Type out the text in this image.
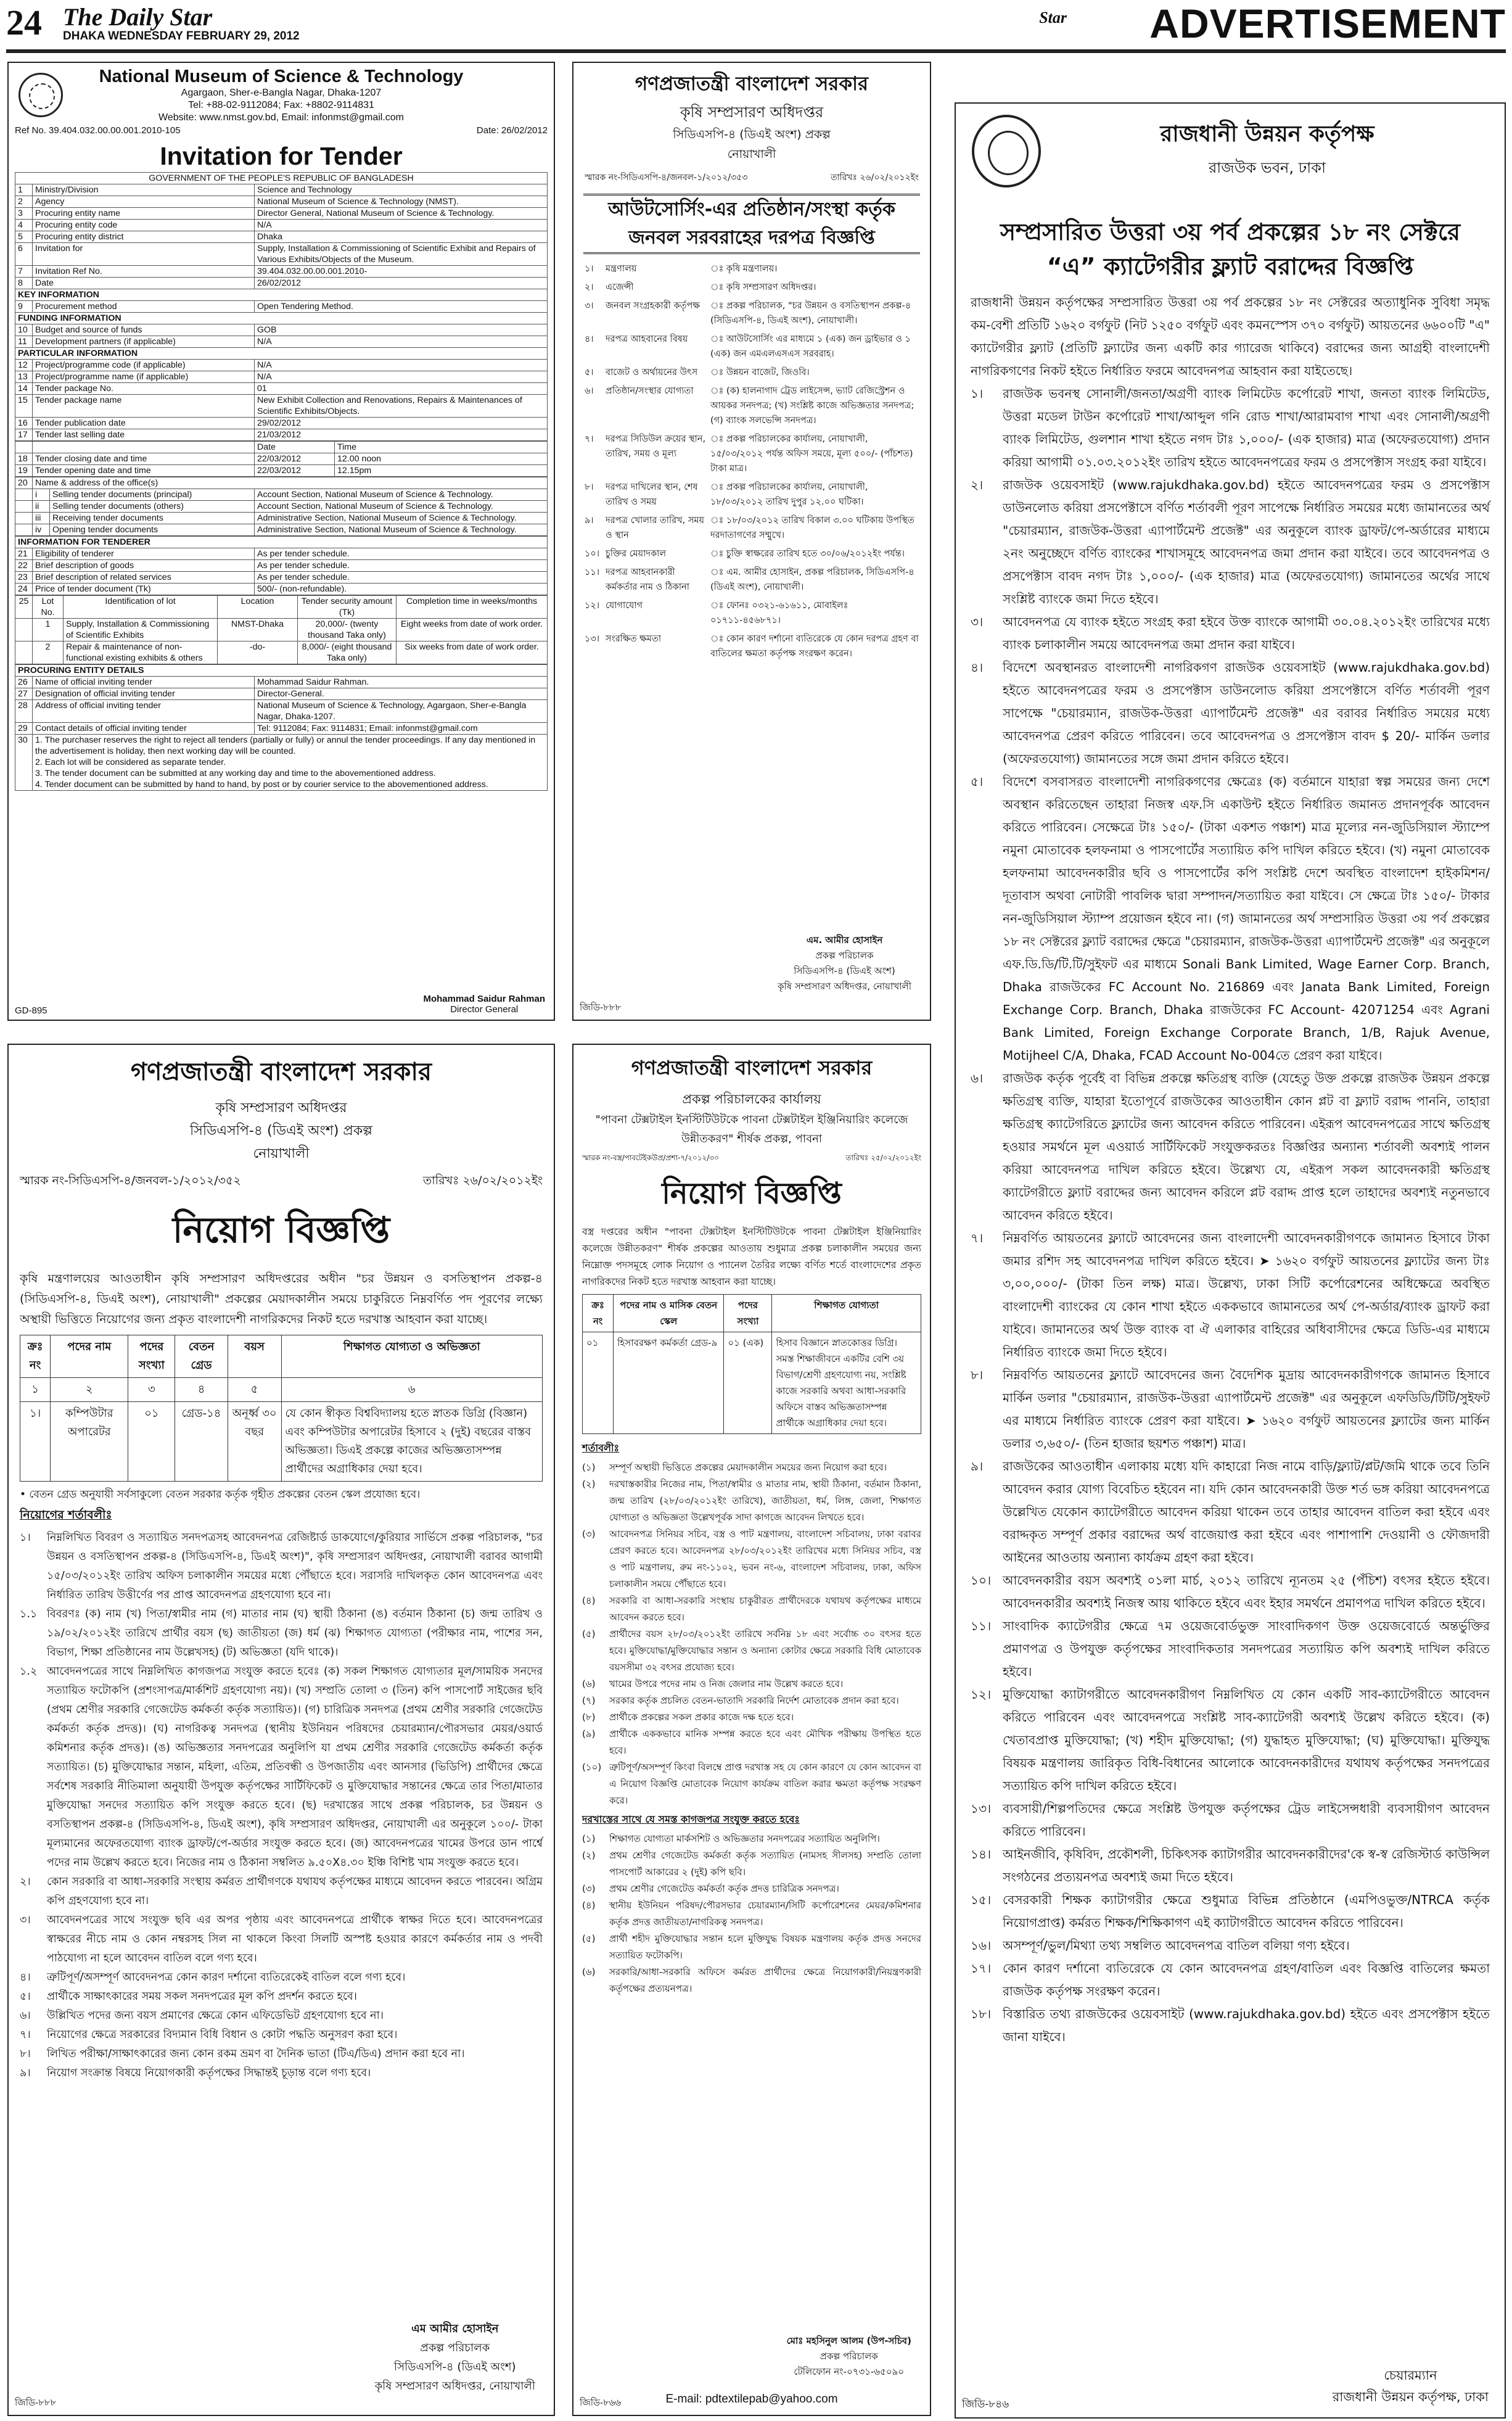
24 The Daily Star
DHAKA WEDNESDAY FEBRUARY 29, 2012
Star ADVERTISEMENT
National Museum of Science & Technology
Agargaon, Sher-e-Bangla Nagar, Dhaka-1207
Tel: +88-02-9112084; Fax: +8802-9114831
Website: www.nmst.gov.bd, Email: infonmst@gmail.com
Ref No. 39.404.032.00.00.001.2010-105	Date: 26/02/2012
Invitation for Tender
GOVERNMENT OF THE PEOPLE'S REPUBLIC OF BANGLADESH		
1	Ministry/Division	Science and Technology
2	Agency	National Museum of Science & Technology (NMST).
3	Procuring entity name	Director General, National Museum of Science & Technology.
4	Procuring entity code	N/A
5	Procuring entity district	Dhaka
6	Invitation for	Supply, Installation & Commissioning of Scientific Exhibit and Repairs of Various Exhibits/Objects of the Museum.
7	Invitation Ref No.	39.404.032.00.00.001.2010-
8	Date	26/02/2012
KEY INFORMATION		
9	Procurement method	Open Tendering Method.
FUNDING INFORMATION		
10	Budget and source of funds	GOB
11	Development partners (if applicable)	N/A
PARTICULAR INFORMATION		
12	Project/programme code (if applicable)	N/A
13	Project/programme name (if applicable)	N/A
14	Tender package No.	01
15	Tender package name	New Exhibit Collection and Renovations, Repairs & Maintenances of Scientific Exhibits/Objects.
16	Tender publication date	29/02/2012
17	Tender last selling date	21/03/2012
		Date	Time
18	Tender closing date and time	22/03/2012	12.00 noon
19	Tender opening date and time	22/03/2012	12.15pm
20	Name & address of the office(s)		
	i	Selling tender documents (principal)	Account Section, National Museum of Science & Technology.
	ii	Selling tender documents (others)	Account Section, National Museum of Science & Technology.
	iii	Receiving tender documents	Administrative Section, National Museum of Science & Technology.
	iv	Opening tender documents	Administrative Section, National Museum of Science & Technology.
INFORMATION FOR TENDERER		
21	Eligibility of tenderer	As per tender schedule.
22	Brief description of goods	As per tender schedule.
23	Brief description of related services	As per tender schedule.
24	Price of tender document (Tk)	500/- (non-refundable).
25	Lot No.	Identification of lot	Location	Tender security amount (Tk)	Completion time in weeks/months
	1	Supply, Installation & Commissioning of Scientific Exhibits	NMST-Dhaka	20,000/- (twenty thousand Taka only)	Eight weeks from date of work order.
	2	Repair & maintenance of non-functional existing exhibits & others	-do-	8,000/- (eight thousand Taka only)	Six weeks from date of work order.
PROCURING ENTITY DETAILS		
26	Name of official inviting tender	Mohammad Saidur Rahman.
27	Designation of official inviting tender	Director-General.
28	Address of official inviting tender	National Museum of Science & Technology, Agargaon, Sher-e-Bangla Nagar, Dhaka-1207.
29	Contact details of official inviting tender	Tel: 9112084; Fax: 9114831; Email: infonmst@gmail.com
30	1. The purchaser reserves the right to reject all tenders (partially or fully) or annul the tender proceedings. If any day mentioned in the advertisement is holiday, then next working day will be counted.
2. Each lot will be considered as separate tender.
3. The tender document can be submitted at any working day and time to the abovementioned address.
4. Tender document can be submitted by hand to hand, by post or by courier service to the abovementioned address.	
Mohammad Saidur Rahman
Director General
GD-895
গণপ্রজাতন্ত্রী বাংলাদেশ সরকার
কৃষি সম্প্রসারণ অধিদপ্তর
সিডিএসপি-৪ (ডিএই অংশ) প্রকল্প
নোয়াখালী
স্মারক নং-সিডিএসপি-৪/জনবল-১/২০১২/৩৫৩	তারিখঃ ২৬/০২/২০১২ইং
আউটসোর্সিং-এর প্রতিষ্ঠান/সংস্থা কর্তৃক জনবল সরবরাহের দরপত্র বিজ্ঞপ্তি
১।	মন্ত্রণালয়	ঃ কৃষি মন্ত্রণালয়।
২।	এজেন্সী	ঃ কৃষি সম্প্রসারণ অধিদপ্তর।
৩।	জনবল সংগ্রহকারী কর্তৃপক্ষ	ঃ প্রকল্প পরিচালক, "চর উন্নয়ন ও বসতিস্থাপন প্রকল্প-৪ (সিডিএসপি-৪, ডিএই অংশ), নোয়াখালী।
৪।	দরপত্র আহবানের বিষয়	ঃ আউটসোর্সিং এর মাধ্যমে ১ (এক) জন ড্রাইভার ও ১ (এক) জন এমএলএসএস সরবরাহ।
৫।	বাজেট ও অর্থায়নের উৎস	ঃ উন্নয়ন বাজেট, জিওবি।
৬।	প্রতিষ্ঠান/সংস্থার যোগ্যতা	ঃ (ক) হালনাগাদ ট্রেড লাইসেন্স, ভ্যাট রেজিস্ট্রেশন ও আয়কর সনদপত্র; (খ) সংশ্লিষ্ট কাজে অভিজ্ঞতার সনদপত্র; (গ) ব্যাংক সলভেন্সি সনদপত্র।
৭।	দরপত্র সিডিউল ক্রয়ের স্থান, তারিখ, সময় ও মূল্য
ঃ প্রকল্প পরিচালকের কার্যালয়, নোয়াখালী, ১৫/০৩/২০১২ পর্যন্ত অফিস সময়ে, মূল্য ৫০০/- (পাঁচশত) টাকা মাত্র।
৮।	দরপত্র দাখিলের স্থান, শেষ তারিখ ও সময়
ঃ প্রকল্প পরিচালকের কার্যালয়, নোয়াখালী, ১৮/০৩/২০১২ তারিখ দুপুর ১২.০০ ঘটিকা।
৯।	দরপত্র খোলার তারিখ, সময় ও স্থান
ঃ ১৮/০৩/২০১২ তারিখ বিকাল ৩.০০ ঘটিকায় উপস্থিত দরদাতাগণের সম্মুখে।
১০। চুক্তির মেয়াদকাল	ঃ চুক্তি স্বাক্ষরের তারিখ হতে ৩০/০৬/২০১২ইং পর্যন্ত।
১১। দরপত্র আহবানকারী কর্মকর্তার নাম ও ঠিকানা
ঃ এম. আমীর হোসাইন, প্রকল্প পরিচালক, সিডিএসপি-৪ (ডিএই অংশ), নোয়াখালী।
১২। যোগাযোগ	ঃ ফোনঃ ০৩২১-৬১৬১১, মোবাইলঃ ০১৭১১-৪৫৬৮৭১।
১৩। সংরক্ষিত ক্ষমতা	ঃ কোন কারণ দর্শানো ব্যতিরেকে যে কোন দরপত্র গ্রহণ বা বাতিলের ক্ষমতা কর্তৃপক্ষ সংরক্ষণ করেন।
এম. আমীর হোসাইন
প্রকল্প পরিচালক
সিডিএসপি-৪ (ডিএই অংশ)
কৃষি সম্প্রসারণ অধিদপ্তর, নোয়াখালী
জিডি-৮৮৮
রাজধানী উন্নয়ন কর্তৃপক্ষ
রাজউক ভবন, ঢাকা
সম্প্রসারিত উত্তরা ৩য় পর্ব প্রকল্পের ১৮ নং সেক্টরে
“এ” ক্যাটেগরীর ফ্ল্যাট বরাদ্দের বিজ্ঞপ্তি
রাজধানী উন্নয়ন কর্তৃপক্ষের সম্প্রসারিত উত্তরা ৩য় পর্ব প্রকল্পের ১৮ নং সেক্টরের অত্যাধুনিক সুবিধা সমৃদ্ধ কম-বেশী প্রতিটি ১৬২০ বর্গফুট (নিট ১২৫০ বর্গফুট এবং কমনস্পেস ৩৭০ বর্গফুট) আয়তনের ৬৬০০টি "এ" ক্যাটেগরীর ফ্ল্যাট (প্রতিটি ফ্ল্যাটের জন্য একটি কার গ্যারেজ থাকিবে) বরাদ্দের জন্য আগ্রহী বাংলাদেশী নাগরিকগণের নিকট হইতে নির্ধারিত ফরমে আবেদনপত্র আহবান করা যাইতেছে।
১।	রাজউক ভবনস্থ সোনালী/জনতা/অগ্রণী ব্যাংক লিমিটেড কর্পোরেট শাখা, জনতা ব্যাংক লিমিটেড, উত্তরা মডেল টাউন কর্পোরেট শাখা/আব্দুল গনি রোড শাখা/আরামবাগ শাখা এবং সোনালী/অগ্রণী ব্যাংক লিমিটেড, গুলশান শাখা হইতে নগদ টাঃ ১,০০০/- (এক হাজার) মাত্র (অফেরতযোগ্য) প্রদান করিয়া আগামী ০১.০৩.২০১২ইং তারিখ হইতে আবেদনপত্রের ফরম ও প্রসপেক্টাস সংগ্রহ করা যাইবে।
২।	রাজউক ওয়েবসাইট (www.rajukdhaka.gov.bd) হইতে আবেদনপত্রের ফরম ও প্রসপেক্টাস ডাউনলোড করিয়া প্রসপেক্টাসে বর্ণিত শর্তাবলী পূরণ সাপেক্ষে নির্ধারিত সময়ের মধ্যে জামানতের অর্থ "চেয়ারম্যান, রাজউক-উত্তরা এ্যাপার্টমেন্ট প্রজেক্ট" এর অনুকূলে ব্যাংক ড্রাফট/পে-অর্ডারের মাধ্যমে ২নং অনুচ্ছেদে বর্ণিত ব্যাংকের শাখাসমূহে আবেদনপত্র জমা প্রদান করা যাইবে। তবে আবেদনপত্র ও প্রসপেক্টাস বাবদ নগদ টাঃ ১,০০০/- (এক হাজার) মাত্র (অফেরতযোগ্য) জামানতের অর্থের সাথে সংশ্লিষ্ট ব্যাংকে জমা দিতে হইবে।
৩।	আবেদনপত্র যে ব্যাংক হইতে সংগ্রহ করা হইবে উক্ত ব্যাংকে আগামী ৩০.০৪.২০১২ইং তারিখের মধ্যে ব্যাংক চলাকালীন সময়ে আবেদনপত্র জমা প্রদান করা যাইবে।
৪।	বিদেশে অবস্থানরত বাংলাদেশী নাগরিকগণ রাজউক ওয়েবসাইট (www.rajukdhaka.gov.bd) হইতে আবেদনপত্রের ফরম ও প্রসপেক্টাস ডাউনলোড করিয়া প্রসপেক্টাসে বর্ণিত শর্তাবলী পূরণ সাপেক্ষে "চেয়ারম্যান, রাজউক-উত্তরা এ্যাপার্টমেন্ট প্রজেক্ট" এর বরাবর নির্ধারিত সময়ের মধ্যে আবেদনপত্র প্রেরণ করিতে পারিবেন। তবে আবেদনপত্র ও প্রসপেক্টাস বাবদ $ 20/- মার্কিন ডলার (অফেরতযোগ্য) জামানতের সঙ্গে জমা প্রদান করিতে হইবে।
৫।	বিদেশে বসবাসরত বাংলাদেশী নাগরিকগণের ক্ষেত্রেঃ (ক) বর্তমানে যাহারা স্বল্প সময়ের জন্য দেশে অবস্থান করিতেছেন তাহারা নিজস্ব এফ.সি একাউন্ট হইতে নির্ধারিত জমানত প্রদানপূর্বক আবেদন করিতে পারিবেন। সেক্ষেত্রে টাঃ ১৫০/- (টাকা একশত পঞ্চাশ) মাত্র মূল্যের নন-জুডিসিয়াল স্ট্যাম্পে নমুনা মোতাবেক হলফনামা ও পাসপোর্টের সত্যায়িত কপি দাখিল করিতে হইবে। (খ) নমুনা মোতাবেক হলফনামা আবেদনকারীর ছবি ও পাসপোর্টের কপি সংশ্লিষ্ট দেশে অবস্থিত বাংলাদেশ হাইকমিশন/দূতাবাস অথবা নোটারী পাবলিক দ্বারা সম্পাদন/সত্যায়িত করা যাইবে। সে ক্ষেত্রে টাঃ ১৫০/- টাকার নন-জুডিসিয়াল স্ট্যাম্প প্রয়োজন হইবে না। (গ) জামানতের অর্থ সম্প্রসারিত উত্তরা ৩য় পর্ব প্রকল্পের ১৮ নং সেক্টরের ফ্ল্যাট বরাদ্দের ক্ষেত্রে "চেয়ারম্যান, রাজউক-উত্তরা এ্যাপার্টমেন্ট প্রজেক্ট" এর অনুকূলে এফ.ডি.ডি/টি.টি/সুইফট এর মাধ্যমে Sonali Bank Limited, Wage Earner Corp. Branch, Dhaka রাজউকের FC Account No. 216869 এবং Janata Bank Limited, Foreign Exchange Corp. Branch, Dhaka রাজউকের FC Account- 42071254 এবং Agrani Bank Limited, Foreign Exchange Corporate Branch, 1/B, Rajuk Avenue, Motijheel C/A, Dhaka, FCAD Account No-004তে প্রেরণ করা যাইবে।
৬।	রাজউক কর্তৃক পূর্বেই বা বিভিন্ন প্রকল্পে ক্ষতিগ্রস্থ ব্যক্তি (যেহেতু উক্ত প্রকল্পে রাজউক উন্নয়ন প্রকল্পে ক্ষতিগ্রস্থ ব্যক্তি, যাহারা ইতোপূর্বে রাজউকের আওতাধীন কোন প্লট বা ফ্ল্যাট বরাদ্দ পাননি, তাহারা ক্ষতিগ্রস্থ ক্যাটেগরিতে ফ্ল্যাটের জন্য আবেদন করিতে পারিবেন। এইরূপ আবেদনপত্রের সাথে ক্ষতিগ্রস্থ হওয়ার সমর্থনে মূল এওয়ার্ড সার্টিফিকেট সংযুক্তকরতঃ বিজ্ঞপ্তির অন্যান্য শর্তাবলী অবশ্যই পালন করিয়া আবেদনপত্র দাখিল করিতে হইবে। উল্লেখ্য যে, এইরূপ সকল আবেদনকারী ক্ষতিগ্রস্থ ক্যাটেগরীতে ফ্ল্যাট বরাদ্দের জন্য আবেদন করিলে প্লট বরাদ্দ প্রাপ্ত হলে তাহাদের অবশ্যই নতুনভাবে আবেদন করিতে হইবে।
৭।	নিম্নবর্ণিত আয়তনের ফ্ল্যাটে আবেদনের জন্য বাংলাদেশী আবেদনকারীগণকে জামানত হিসাবে টাকা জমার রশিদ সহ আবেদনপত্র দাখিল করিতে হইবে। ➤ ১৬২০ বর্গফুট আয়তনের ফ্ল্যাটের জন্য টাঃ ৩,০০,০০০/- (টাকা তিন লক্ষ) মাত্র। উল্লেখ্য, ঢাকা সিটি কর্পোরেশনের অধিক্ষেত্রে অবস্থিত বাংলাদেশী ব্যাংকের যে কোন শাখা হইতে এককভাবে জামানতের অর্থ পে-অর্ডার/ব্যাংক ড্রাফট করা যাইবে। জামানতের অর্থ উক্ত ব্যাংক বা ঐ এলাকার বাহিরের অধিবাসীদের ক্ষেত্রে ডিডি-এর মাধ্যমে নির্ধারিত ব্যাংকে জমা দিতে হইবে।
৮।	নিম্নবর্ণিত আয়তনের ফ্ল্যাটে আবেদনের জন্য বৈদেশিক মুদ্রায় আবেদনকারীগণকে জামানত হিসাবে মার্কিন ডলার "চেয়ারম্যান, রাজউক-উত্তরা এ্যাপার্টমেন্ট প্রজেক্ট" এর অনুকূলে এফডিডি/টিটি/সুইফট এর মাধ্যমে নির্ধারিত ব্যাংকে প্রেরণ করা যাইবে। ➤ ১৬২০ বর্গফুট আয়তনের ফ্ল্যাটের জন্য মার্কিন ডলার ৩,৬৫০/- (তিন হাজার ছয়শত পঞ্চাশ) মাত্র।
৯।	রাজউকের আওতাধীন এলাকায় মধ্যে যদি কাহারো নিজ নামে বাড়ি/ফ্ল্যাট/প্লট/জমি থাকে তবে তিনি আবেদন করার যোগ্য বিবেচিত হইবেন না। যদি কোন আবেদনকারী উক্ত শর্ত ভঙ্গ করিয়া আবেদনপত্রে উল্লেখিত যেকোন ক্যাটেগরীতে আবেদন করিয়া থাকেন তবে তাহার আবেদন বাতিল করা হইবে এবং বরাদ্দকৃত সম্পূর্ণ প্রকার বরাদ্দের অর্থ বাজেয়াপ্ত করা হইবে এবং পাশাপাশি দেওয়ানী ও ফৌজদারী আইনের আওতায় অন্যান্য কার্যক্রম গ্রহণ করা হইবে।
১০। আবেদনকারীর বয়স অবশ্যই ০১লা মার্চ, ২০১২ তারিখে ন্যূনতম ২৫ (পঁচিশ) বৎসর হইতে হইবে। আবেদনকারীর অবশ্যই নিজস্ব আয় থাকিতে হইবে এবং ইহার সমর্থনে প্রমাণপত্র দাখিল করিতে হইবে।
১১। সাংবাদিক ক্যাটেগরীর ক্ষেত্রে ৭ম ওয়েজবোর্ডভুক্ত সাংবাদিকগণ উক্ত ওয়েজবোর্ডে অন্তর্ভুক্তির প্রমাণপত্র ও উপযুক্ত কর্তৃপক্ষের সাংবাদিকতার সনদপত্রের সত্যায়িত কপি অবশ্যই দাখিল করিতে হইবে।
১২। মুক্তিযোদ্ধা ক্যাটাগরীতে আবেদনকারীগণ নিম্নলিখিত যে কোন একটি সাব-ক্যাটেগরীতে আবেদন করিতে পারিবেন এবং আবেদনপত্রে সংশ্লিষ্ট সাব-ক্যাটেগরী অবশ্যই উল্লেখ করিতে হইবে। (ক) খেতাবপ্রাপ্ত মুক্তিযোদ্ধা; (খ) শহীদ মুক্তিযোদ্ধা; (গ) যুদ্ধাহত মুক্তিযোদ্ধা; (ঘ) মুক্তিযোদ্ধা। মুক্তিযুদ্ধ বিষয়ক মন্ত্রণালয় জারিকৃত বিধি-বিধানের আলোকে আবেদনকারীদের যথাযথ কর্তৃপক্ষের সনদপত্রের সত্যায়িত কপি দাখিল করিতে হইবে।
১৩। ব্যবসায়ী/শিল্পপতিদের ক্ষেত্রে সংশ্লিষ্ট উপযুক্ত কর্তৃপক্ষের ট্রেড লাইসেন্সধারী ব্যবসায়ীগণ আবেদন করিতে পারিবেন।
১৪। আইনজীবি, কৃষিবিদ, প্রকৌশলী, চিকিৎসক ক্যাটাগরীর আবেদনকারীদের'কে স্ব-স্ব রেজিস্টার্ড কাউন্সিল সংগঠনের প্রত্যয়নপত্র অবশ্যই জমা দিতে হইবে।
১৫। বেসরকারী শিক্ষক ক্যাটাগরীর ক্ষেত্রে শুধুমাত্র বিভিন্ন প্রতিষ্ঠানে (এমপিওভুক্ত/NTRCA কর্তৃক নিয়োগপ্রাপ্ত) কর্মরত শিক্ষক/শিক্ষিকাগণ এই ক্যাটাগরীতে আবেদন করিতে পারিবেন।
১৬। অসম্পূর্ণ/ভুল/মিথ্যা তথ্য সম্বলিত আবেদনপত্র বাতিল বলিয়া গণ্য হইবে।
১৭। কোন কারণ দর্শানো ব্যতিরেকে যে কোন আবেদনপত্র গ্রহণ/বাতিল এবং বিজ্ঞপ্তি বাতিলের ক্ষমতা রাজউক কর্তৃপক্ষ সংরক্ষণ করেন।
১৮। বিস্তারিত তথ্য রাজউকের ওয়েবসাইট (www.rajukdhaka.gov.bd) হইতে এবং প্রসপেক্টাস হইতে জানা যাইবে।
চেয়ারম্যান
রাজধানী উন্নয়ন কর্তৃপক্ষ, ঢাকা
জিডি-৮৪৬
গণপ্রজাতন্ত্রী বাংলাদেশ সরকার
কৃষি সম্প্রসারণ অধিদপ্তর
সিডিএসপি-৪ (ডিএই অংশ) প্রকল্প
নোয়াখালী
স্মারক নং-সিডিএসপি-৪/জনবল-১/২০১২/৩৫২	তারিখঃ ২৬/০২/২০১২ইং
নিয়োগ বিজ্ঞপ্তি
কৃষি মন্ত্রণালয়ের আওতাধীন কৃষি সম্প্রসারণ অধিদপ্তরের অধীন "চর উন্নয়ন ও বসতিস্থাপন প্রকল্প-৪ (সিডিএসপি-৪, ডিএই অংশ), নোয়াখালী" প্রকল্পের মেয়াদকালীন সময়ে চাকুরিতে নিম্নবর্ণিত পদ পূরণের লক্ষ্যে অস্থায়ী ভিত্তিতে নিয়োগের জন্য প্রকৃত বাংলাদেশী নাগরিকদের নিকট হতে দরখাস্ত আহবান করা যাচ্ছে।
ক্রঃ নং	পদের নাম	পদের সংখ্যা	বেতন গ্রেড	বয়স	শিক্ষাগত যোগ্যতা ও অভিজ্ঞতা
১	২	৩	৪	৫	৬
১।	কম্পিউটার অপারেটর	০১	গ্রেড-১৪	অনূর্ধ্ব ৩০ বছর	যে কোন স্বীকৃত বিশ্ববিদ্যালয় হতে স্নাতক ডিগ্রি (বিজ্ঞান) এবং কম্পিউটার অপারেটর হিসাবে ২ (দুই) বছরের বাস্তব অভিজ্ঞতা। ডিএই প্রকল্পে কাজের অভিজ্ঞতাসম্পন্ন প্রার্থীদের অগ্রাধিকার দেয়া হবে।
• বেতন গ্রেড অনুযায়ী সর্বসাকুল্যে বেতন সরকার কর্তৃক গৃহীত প্রকল্পের বেতন স্কেল প্রযোজ্য হবে।
নিয়োগের শর্তাবলীঃ
১।	নিম্নলিখিত বিবরণ ও সত্যায়িত সনদপত্রসহ আবেদনপত্র রেজিষ্টার্ড ডাকযোগে/কুরিয়ার সার্ভিসে প্রকল্প পরিচালক, "চর উন্নয়ন ও বসতিস্থাপন প্রকল্প-৪ (সিডিএসপি-৪, ডিএই অংশ)", কৃষি সম্প্রসারণ অধিদপ্তর, নোয়াখালী বরাবর আগামী ১৫/০৩/২০১২ইং তারিখ অফিস চলাকালীন সময়ের মধ্যে পৌঁছাতে হবে। সরাসরি দাখিলকৃত কোন আবেদনপত্র এবং নির্ধারিত তারিখ উত্তীর্ণের পর প্রাপ্ত আবেদনপত্র গ্রহণযোগ্য হবে না।
১.১ বিবরণঃ (ক) নাম (খ) পিতা/স্বামীর নাম (গ) মাতার নাম (ঘ) স্থায়ী ঠিকানা (ঙ) বর্তমান ঠিকানা (চ) জন্ম তারিখ ও ১৯/০২/২০১২ইং তারিখে প্রার্থীর বয়স (ছ) জাতীয়তা (জ) ধর্ম (ঝ) শিক্ষাগত যোগ্যতা (পরীক্ষার নাম, পাশের সন, বিভাগ, শিক্ষা প্রতিষ্ঠানের নাম উল্লেখসহ) (ট) অভিজ্ঞতা (যদি থাকে)।
১.২ আবেদনপত্রের সাথে নিম্নলিখিত কাগজপত্র সংযুক্ত করতে হবেঃ (ক) সকল শিক্ষাগত যোগ্যতার মূল/সাময়িক সনদের সত্যায়িত ফটোকপি (প্রশংসাপত্র/মার্কশিট গ্রহণযোগ্য নয়)। (খ) সম্প্রতি তোলা ৩ (তিন) কপি পাসপোর্ট সাইজের ছবি (প্রথম শ্রেণীর সরকারি গেজেটেড কর্মকর্তা কর্তৃক সত্যায়িত)। (গ) চারিত্রিক সনদপত্র (প্রথম শ্রেণীর সরকারি গেজেটেড কর্মকর্তা কর্তৃক প্রদত্ত)। (ঘ) নাগরিকত্ব সনদপত্র (স্থানীয় ইউনিয়ন পরিষদের চেয়ারম্যান/পৌরসভার মেয়র/ওয়ার্ড কমিশনার কর্তৃক প্রদত্ত)। (ঙ) অভিজ্ঞতার সনদপত্রের অনুলিপি যা প্রথম শ্রেণীর সরকারি গেজেটেড কর্মকর্তা কর্তৃক সত্যায়িত। (চ) মুক্তিযোদ্ধার সন্তান, মহিলা, এতিম, প্রতিবন্ধী ও উপজাতীয় এবং আনসার (ভিডিপি) প্রার্থীদের ক্ষেত্রে সর্বশেষ সরকারি নীতিমালা অনুযায়ী উপযুক্ত কর্তৃপক্ষের সার্টিফিকেট ও মুক্তিযোদ্ধার সন্তানের ক্ষেত্রে তার পিতা/মাতার মুক্তিযোদ্ধা সনদের সত্যায়িত কপি সংযুক্ত করতে হবে। (ছ) দরখাস্তের সাথে প্রকল্প পরিচালক, চর উন্নয়ন ও বসতিস্থাপন প্রকল্প-৪ (সিডিএসপি-৪, ডিএই অংশ), কৃষি সম্প্রসারণ অধিদপ্তর, নোয়াখালী এর অনুকূলে ১০০/- টাকা মূল্যমানের অফেরতযোগ্য ব্যাংক ড্রাফট/পে-অর্ডার সংযুক্ত করতে হবে। (জ) আবেদনপত্রের খামের উপরে ডান পার্শ্বে পদের নাম উল্লেখ করতে হবে। নিজের নাম ও ঠিকানা সম্বলিত ৯.৫০X৪.৩০ ইঞ্চি বিশিষ্ট খাম সংযুক্ত করতে হবে।
২।	কোন সরকারি বা আধা-সরকারি সংস্থায় কর্মরত প্রার্থীগণকে যথাযথ কর্তৃপক্ষের মাধ্যমে আবেদন করতে পারবেন। অগ্রিম কপি গ্রহণযোগ্য হবে না।
৩।	আবেদনপত্রের সাথে সংযুক্ত ছবি এর অপর পৃষ্ঠায় এবং আবেদনপত্রে প্রার্থীকে স্বাক্ষর দিতে হবে। আবেদনপত্রের স্বাক্ষরের নীচে নাম ও কোন নম্বরসহ সিল না থাকলে কিংবা সিলটি অস্পষ্ট হওয়ার কারণে কর্মকর্তার নাম ও পদবী পাঠযোগ্য না হলে আবেদন বাতিল বলে গণ্য হবে।
৪।	ত্রুটিপূর্ণ/অসম্পূর্ণ আবেদনপত্র কোন কারণ দর্শানো ব্যতিরেকেই বাতিল বলে গণ্য হবে।
৫।	প্রার্থীকে সাক্ষাৎকারের সময় সকল সনদপত্রের মূল কপি প্রদর্শন করতে হবে।
৬।	উল্লিখিত পদের জন্য বয়স প্রমাণের ক্ষেত্রে কোন এফিডেভিট গ্রহণযোগ্য হবে না।
৭।	নিয়োগের ক্ষেত্রে সরকারের বিদ্যমান বিধি বিধান ও কোটা পদ্ধতি অনুসরণ করা হবে।
৮।	লিখিত পরীক্ষা/সাক্ষাৎকারের জন্য কোন রকম ভ্রমণ বা দৈনিক ভাতা (টিএ/ডিএ) প্রদান করা হবে না।
৯।	নিয়োগ সংক্রান্ত বিষয়ে নিয়োগকারী কর্তৃপক্ষের সিদ্ধান্তই চূড়ান্ত বলে গণ্য হবে।
এম আমীর হোসাইন
প্রকল্প পরিচালক
সিডিএসপি-৪ (ডিএই অংশ)
কৃষি সম্প্রসারণ অধিদপ্তর, নোয়াখালী
জিডি-৮৮৮
গণপ্রজাতন্ত্রী বাংলাদেশ সরকার
প্রকল্প পরিচালকের কার্যালয়
"পাবনা টেক্সটাইল ইনস্টিটিউটকে পাবনা টেক্সটাইল ইঞ্জিনিয়ারিং কলেজে উন্নীতকরণ" শীর্ষক প্রকল্প, পাবনা
স্মারক নং-বস্ত্র/পাবটেইকউপ্র/প্রশা-৭/২০১২/৩০	তারিখঃ ২৫/০২/২০১২ইং
নিয়োগ বিজ্ঞপ্তি
বস্ত্র দপ্তরের অধীন "পাবনা টেক্সটাইল ইনস্টিটিউটকে পাবনা টেক্সটাইল ইঞ্জিনিয়ারিং কলেজে উন্নীতকরণ" শীর্ষক প্রকল্পের আওতায় শুধুমাত্র প্রকল্প চলাকালীন সময়ের জন্য নিম্নোক্ত পদসমূহে লোক নিয়োগ ও প্যানেল তৈরির লক্ষ্যে বর্ণিত শর্তে বাংলাদেশের প্রকৃত নাগরিকদের নিকট হতে দরখাস্ত আহবান করা যাচ্ছে।
ক্রঃ নং	পদের নাম ও মাসিক বেতন স্কেল	পদের সংখ্যা	শিক্ষাগত যোগ্যতা
০১	হিসাবরক্ষণ কর্মকর্তা গ্রেড-৯	০১ (এক)	হিসাব বিজ্ঞানে স্নাতকোত্তর ডিগ্রি। সমস্ত শিক্ষাজীবনে একটির বেশি ৩য় বিভাগ/শ্রেণী গ্রহণযোগ্য নয়, সংশ্লিষ্ট কাজে সরকারি অথবা আধা-সরকারি অফিসে বাস্তব অভিজ্ঞতাসম্পন্ন প্রার্থীকে অগ্রাধিকার দেয়া হবে।
শর্তাবলীঃ
(১)	সম্পূর্ণ অস্থায়ী ভিত্তিতে প্রকল্পের মেয়াদকালীন সময়ের জন্য নিয়োগ করা হবে।
(২)	দরখাস্তকারীর নিজের নাম, পিতা/স্বামীর ও মাতার নাম, স্থায়ী ঠিকানা, বর্তমান ঠিকানা, জন্ম তারিখ (২৮/০৩/২০১২ইং তারিখে), জাতীয়তা, ধর্ম, লিঙ্গ, জেলা, শিক্ষাগত যোগ্যতা ও অভিজ্ঞতা উল্লেখপূর্বক সাদা কাগজে আবেদন লিখতে হবে।
(৩)	আবেদনপত্র সিনিয়র সচিব, বস্ত্র ও পাট মন্ত্রণালয়, বাংলাদেশ সচিবালয়, ঢাকা বরাবর প্রেরণ করতে হবে। আবেদনপত্র ২৮/০৩/২০১২ইং তারিখের মধ্যে সিনিয়র সচিব, বস্ত্র ও পাট মন্ত্রণালয়, রুম নং-১১০২, ভবন নং-৬, বাংলাদেশ সচিবালয়, ঢাকা, অফিস চলাকালীন সময়ে পৌঁছাতে হবে।
(৪)	সরকারি বা আধা-সরকারি সংস্থায় চাকুরীরত প্রার্থীদেরকে যথাযথ কর্তৃপক্ষের মাধ্যমে আবেদন করতে হবে।
(৫)	প্রার্থীদের বয়স ২৮/০৩/২০১২ইং তারিখে সর্বনিম্ন ১৮ এবং সর্বোচ্চ ৩০ বৎসর হতে হবে। মুক্তিযোদ্ধা/মুক্তিযোদ্ধার সন্তান ও অন্যান্য কোটার ক্ষেত্রে সরকারি বিধি মোতাবেক বয়সসীমা ৩২ বৎসর প্রযোজ্য হবে।
(৬)	খামের উপরে পদের নাম ও নিজ জেলার নাম উল্লেখ করতে হবে।
(৭)	সরকার কর্তৃক প্রচলিত বেতন-ভাতাদি সরকারি নির্দেশ মোতাবেক প্রদান করা হবে।
(৮)	প্রার্থীকে প্রকল্পের সকল প্রকার কাজে দক্ষ হতে হবে।
(৯)	প্রার্থীকে এককভাবে মানিক সম্পন্ন করতে হবে এবং মৌখিক পরীক্ষায় উপস্থিত হতে হবে।
(১০) ত্রুটিপূর্ণ/অসম্পূর্ণ কিংবা বিলম্বে প্রাপ্ত দরখাস্ত সহ যে কোন কারণে যে কোন আবেদন বা এ নিয়োগ বিজ্ঞপ্তি মোতাবেক নিয়োগ কার্যক্রম বাতিল করার ক্ষমতা কর্তৃপক্ষ সংরক্ষণ করে।
দরখাস্তের সাথে যে সমস্ত কাগজপত্র সংযুক্ত করতে হবেঃ
(১)	শিক্ষাগত যোগ্যতা মার্কসশিট ও অভিজ্ঞতার সনদপত্রের সত্যায়িত অনুলিপি।
(২)	প্রথম শ্রেণীর গেজেটেড কর্মকর্তা কর্তৃক সত্যায়িত (নামসহ সীলসহ) সম্প্রতি তোলা পাসপোর্ট আকারের ২ (দুই) কপি ছবি।
(৩)	প্রথম শ্রেণীর গেজেটেড কর্মকর্তা কর্তৃক প্রদত্ত চারিত্রিক সনদপত্র।
(৪)	স্থানীয় ইউনিয়ন পরিষদ/পৌরসভার চেয়ারম্যান/সিটি কর্পোরেশনের মেয়র/কমিশনার কর্তৃক প্রদত্ত জাতীয়তা/নাগরিকত্ব সনদপত্র।
(৫)	প্রার্থী শহীদ মুক্তিযোদ্ধার সন্তান হলে মুক্তিযুদ্ধ বিষয়ক মন্ত্রণালয় কর্তৃক প্রদত্ত সনদের সত্যায়িত ফটোকপি।
(৬)	সরকারি/আধা-সরকারি অফিসে কর্মরত প্রার্থীদের ক্ষেত্রে নিয়োগকারী/নিয়ন্ত্রণকারী কর্তৃপক্ষের প্রত্যয়নপত্র।
মোঃ মহসিনুল আলম (উপ-সচিব)
প্রকল্প পরিচালক
টেলিফোন নং-০৭৩১-৬৫০৯০
E-mail: pdtextilepab@yahoo.com
জিডি-৮৬৬
